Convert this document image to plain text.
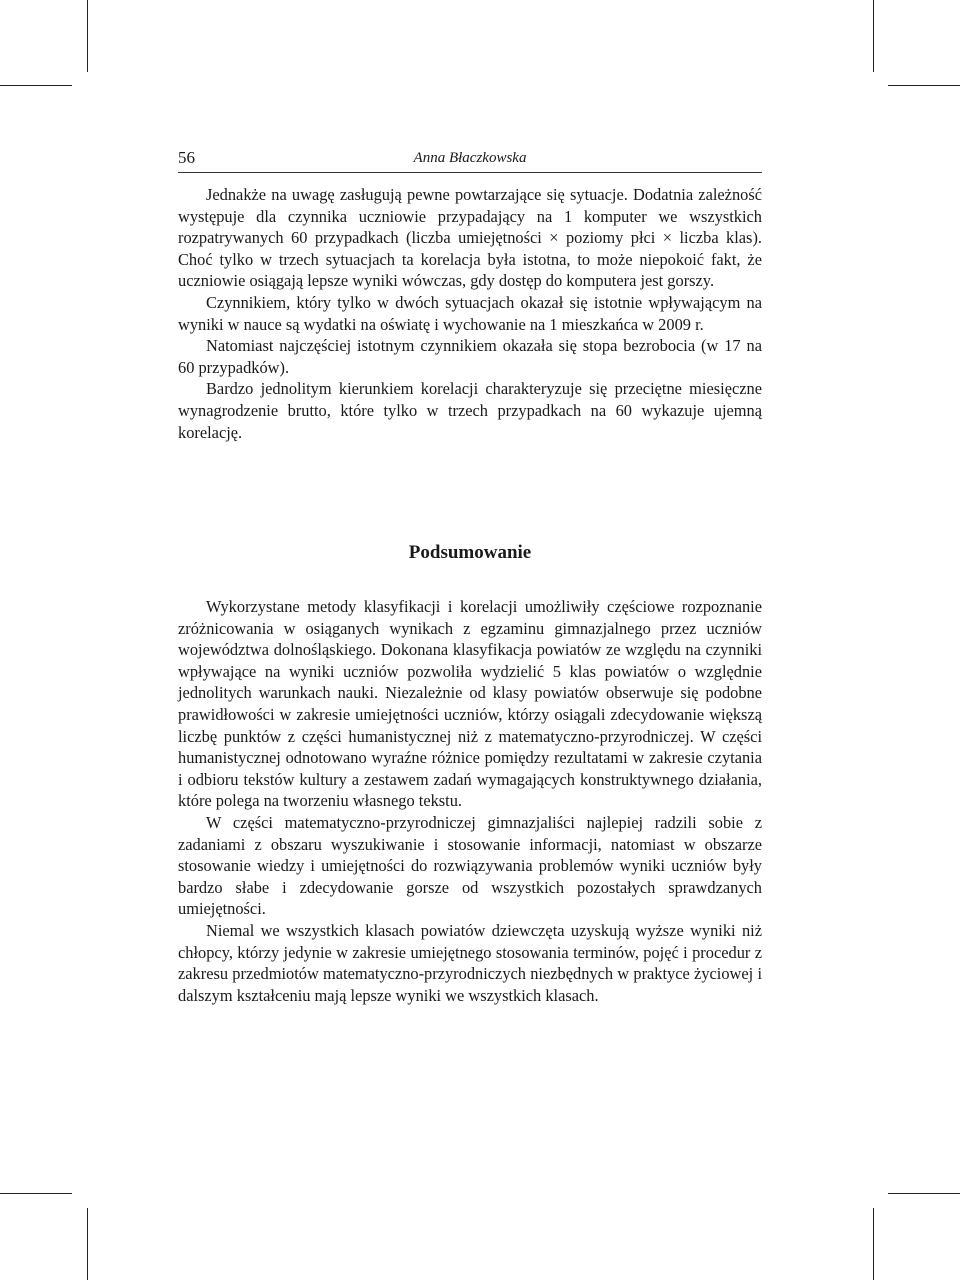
56	Anna Błaczkowska

Jednakże na uwagę zasługują pewne powtarzające się sytuacje. Dodatnia zależność występuje dla czynnika uczniowie przypadający na 1 komputer we wszystkich rozpatrywanych 60 przypadkach (liczba umiejętności × poziomy płci × liczba klas). Choć tylko w trzech sytuacjach ta korelacja była istotna, to może niepokoić fakt, że uczniowie osiągają lepsze wyniki wówczas, gdy dostęp do komputera jest gorszy.

Czynnikiem, który tylko w dwóch sytuacjach okazał się istotnie wpływającym na wyniki w nauce są wydatki na oświatę i wychowanie na 1 mieszkańca w 2009 r.

Natomiast najczęściej istotnym czynnikiem okazała się stopa bezrobocia (w 17 na 60 przypadków).

Bardzo jednolitym kierunkiem korelacji charakteryzuje się przeciętne miesięczne wynagrodzenie brutto, które tylko w trzech przypadkach na 60 wykazuje ujemną korelację.

Podsumowanie

Wykorzystane metody klasyfikacji i korelacji umożliwiły częściowe rozpoznanie zróżnicowania w osiąganych wynikach z egzaminu gimnazjalnego przez uczniów województwa dolnośląskiego. Dokonana klasyfikacja powiatów ze względu na czynniki wpływające na wyniki uczniów pozwoliła wydzielić 5 klas powiatów o względnie jednolitych warunkach nauki. Niezależnie od klasy powiatów obserwuje się podobne prawidłowości w zakresie umiejętności uczniów, którzy osiągali zdecydowanie większą liczbę punktów z części humanistycznej niż z matematyczno-przyrodniczej. W części humanistycznej odnotowano wyraźne różnice pomiędzy rezultatami w zakresie czytania i odbioru tekstów kultury a zestawem zadań wymagających konstruktywnego działania, które polega na tworzeniu własnego tekstu.

W części matematyczno-przyrodniczej gimnazjaliści najlepiej radzili sobie z zadaniami z obszaru wyszukiwanie i stosowanie informacji, natomiast w obszarze stosowanie wiedzy i umiejętności do rozwiązywania problemów wyniki uczniów były bardzo słabe i zdecydowanie gorsze od wszystkich pozostałych sprawdzanych umiejętności.

Niemal we wszystkich klasach powiatów dziewczęta uzyskują wyższe wyniki niż chłopcy, którzy jedynie w zakresie umiejętnego stosowania terminów, pojęć i procedur z zakresu przedmiotów matematyczno-przyrodniczych niezbędnych w praktyce życiowej i dalszym kształceniu mają lepsze wyniki we wszystkich klasach.
